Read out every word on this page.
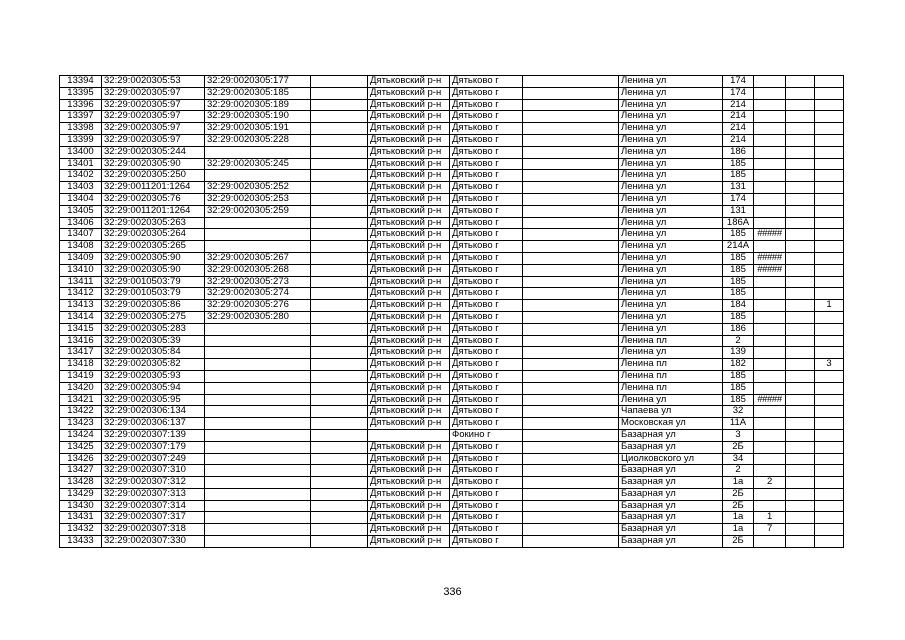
13394	32:29:0020305:53	32:29:0020305:177		Дятьковский р-н	Дятьково г		Ленина ул	174			
13395	32:29:0020305:97	32:29:0020305:185		Дятьковский р-н	Дятьково г		Ленина ул	174			
13396	32:29:0020305:97	32:29:0020305:189		Дятьковский р-н	Дятьково г		Ленина ул	214			
13397	32:29:0020305:97	32:29:0020305:190		Дятьковский р-н	Дятьково г		Ленина ул	214			
13398	32:29:0020305:97	32:29:0020305:191		Дятьковский р-н	Дятьково г		Ленина ул	214			
13399	32:29:0020305:97	32:29:0020305:228		Дятьковский р-н	Дятьково г		Ленина ул	214			
13400	32:29:0020305:244			Дятьковский р-н	Дятьково г		Ленина ул	186			
13401	32:29:0020305:90	32:29:0020305:245		Дятьковский р-н	Дятьково г		Ленина ул	185			
13402	32:29:0020305:250			Дятьковский р-н	Дятьково г		Ленина ул	185			
13403	32:29:0011201:1264	32:29:0020305:252		Дятьковский р-н	Дятьково г		Ленина ул	131			
13404	32:29:0020305:76	32:29:0020305:253		Дятьковский р-н	Дятьково г		Ленина ул	174			
13405	32:29:0011201:1264	32:29:0020305:259		Дятьковский р-н	Дятьково г		Ленина ул	131			
13406	32:29:0020305:263			Дятьковский р-н	Дятьково г		Ленина ул	186А			
13407	32:29:0020305:264			Дятьковский р-н	Дятьково г		Ленина ул	185	#####		
13408	32:29:0020305:265			Дятьковский р-н	Дятьково г		Ленина ул	214А			
13409	32:29:0020305:90	32:29:0020305:267		Дятьковский р-н	Дятьково г		Ленина ул	185	#####		
13410	32:29:0020305:90	32:29:0020305:268		Дятьковский р-н	Дятьково г		Ленина ул	185	#####		
13411	32:29:0010503:79	32:29:0020305:273		Дятьковский р-н	Дятьково г		Ленина ул	185			
13412	32:29:0010503:79	32:29:0020305:274		Дятьковский р-н	Дятьково г		Ленина ул	185			
13413	32:29:0020305:86	32:29:0020305:276		Дятьковский р-н	Дятьково г		Ленина ул	184			1
13414	32:29:0020305:275	32:29:0020305:280		Дятьковский р-н	Дятьково г		Ленина ул	185			
13415	32:29:0020305:283			Дятьковский р-н	Дятьково г		Ленина ул	186			
13416	32:29:0020305:39			Дятьковский р-н	Дятьково г		Ленина пл	2			
13417	32:29:0020305:84			Дятьковский р-н	Дятьково г		Ленина ул	139			
13418	32:29:0020305:82			Дятьковский р-н	Дятьково г		Ленина пл	182			3
13419	32:29:0020305:93			Дятьковский р-н	Дятьково г		Ленина пл	185			
13420	32:29:0020305:94			Дятьковский р-н	Дятьково г		Ленина пл	185			
13421	32:29:0020305:95			Дятьковский р-н	Дятьково г		Ленина ул	185	#####		
13422	32:29:0020306:134			Дятьковский р-н	Дятьково г		Чапаева ул	32			
13423	32:29:0020306:137			Дятьковский р-н	Дятьково г		Московская ул	11А			
13424	32:29:0020307:139				Фокино г		Базарная ул	3			
13425	32:29:0020307:179			Дятьковский р-н	Дятьково г		Базарная ул	2Б			
13426	32:29:0020307:249			Дятьковский р-н	Дятьково г		Циолковского ул	34			
13427	32:29:0020307:310			Дятьковский р-н	Дятьково г		Базарная ул	2			
13428	32:29:0020307:312			Дятьковский р-н	Дятьково г		Базарная ул	1а	2		
13429	32:29:0020307:313			Дятьковский р-н	Дятьково г		Базарная ул	2Б			
13430	32:29:0020307:314			Дятьковский р-н	Дятьково г		Базарная ул	2Б			
13431	32:29:0020307:317			Дятьковский р-н	Дятьково г		Базарная ул	1а	1		
13432	32:29:0020307:318			Дятьковский р-н	Дятьково г		Базарная ул	1а	7		
13433	32:29:0020307:330			Дятьковский р-н	Дятьково г		Базарная ул	2Б			
336
